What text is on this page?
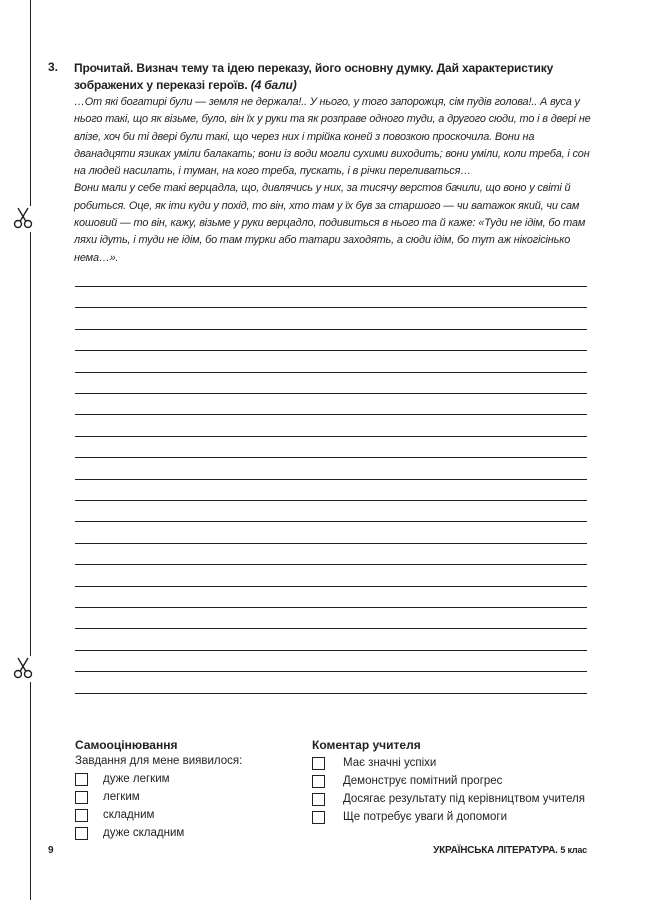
3. Прочитай. Визнач тему та ідею переказу, його основну думку. Дай характеристику зображених у переказі героїв. (4 бали)

…От які богатирі були — земля не держала!.. У нього, у того запорожця, сім пудів голова!.. А вуса у нього такі, що як візьме, було, він їх у руки та як розправе одного туди, а другого сюди, то і в двері не влізе, хоч би ті двері були такі, що через них і трійка коней з повозкою проскочила. Вони на дванадцяти язиках уміли балакать; вони із води могли сухими виходить; вони уміли, коли треба, і сон на людей насилать, і туман, на кого треба, пускать, і в річки переливаться…

Вони мали у себе такі верцадла, що, дивлячись у них, за тисячу верстов бачили, що воно у світі й робиться. Оце, як іти куди у похід, то він, хто там у їх був за старшого — чи ватажок який, чи сам кошовий — то він, кажу, візьме у руки верцадло, подивиться в нього та й каже: «Туди не ідім, бо там ляхи ідуть, і туди не ідім, бо там турки або татари заходять, а сюди ідім, бо тут аж нікогісінько нема…».

Самооцінювання
Завдання для мене виявилося:
дуже легким
легким
складним
дуже складним
Коментар учителя
Має значні успіхи
Демонструє помітний прогрес
Досягає результату під керівництвом учителя
Ще потребує уваги й допомоги
9	УКРАЇНСЬКА ЛІТЕРАТУРА. 5 клас
